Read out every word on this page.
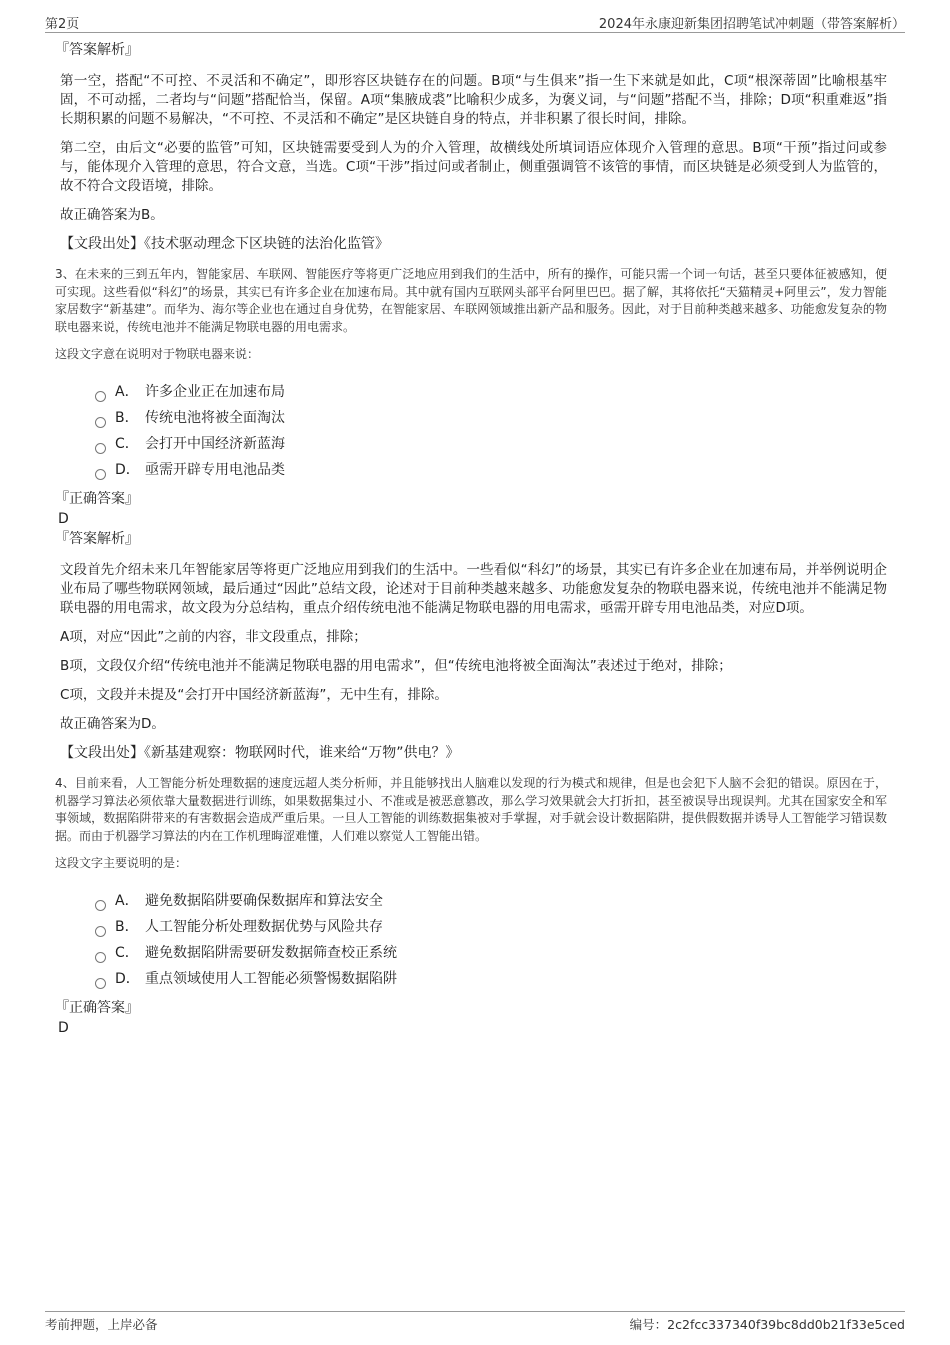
第2页	2024年永康迎新集团招聘笔试冲刺题（带答案解析）

『答案解析』

第一空，搭配“不可控、不灵活和不确定”，即形容区块链存在的问题。B项“与生俱来”指一生下来就是如此，C项“根深蒂固”比喻根基牢固，不可动摇，二者均与“问题”搭配恰当，保留。A项“集腋成裘”比喻积少成多，为褒义词，与“问题”搭配不当，排除；D项“积重难返”指长期积累的问题不易解决，“不可控、不灵活和不确定”是区块链自身的特点，并非积累了很长时间，排除。

第二空，由后文“必要的监管”可知，区块链需要受到人为的介入管理，故横线处所填词语应体现介入管理的意思。B项“干预”指过问或参与，能体现介入管理的意思，符合文意，当选。C项“干涉”指过问或者制止，侧重强调管不该管的事情，而区块链是必须受到人为监管的，故不符合文段语境，排除。

故正确答案为B。

【文段出处】《技术驱动理念下区块链的法治化监管》

3、在未来的三到五年内，智能家居、车联网、智能医疗等将更广泛地应用到我们的生活中，所有的操作，可能只需一个词一句话，甚至只要体征被感知，便可实现。这些看似“科幻”的场景，其实已有许多企业在加速布局。其中就有国内互联网头部平台阿里巴巴。据了解，其将依托“天猫精灵+阿里云”，发力智能家居数字“新基建”。而华为、海尔等企业也在通过自身优势，在智能家居、车联网领域推出新产品和服务。因此，对于目前种类越来越多、功能愈发复杂的物联电器来说，传统电池并不能满足物联电器的用电需求。

这段文字意在说明对于物联电器来说：

A． 许多企业正在加速布局
B． 传统电池将被全面淘汰
C． 会打开中国经济新蓝海
D． 亟需开辟专用电池品类

『正确答案』

D

『答案解析』

文段首先介绍未来几年智能家居等将更广泛地应用到我们的生活中。一些看似“科幻”的场景，其实已有许多企业在加速布局，并举例说明企业布局了哪些物联网领域，最后通过“因此”总结文段，论述对于目前种类越来越多、功能愈发复杂的物联电器来说，传统电池并不能满足物联电器的用电需求，故文段为分总结构，重点介绍传统电池不能满足物联电器的用电需求，亟需开辟专用电池品类，对应D项。

A项，对应“因此”之前的内容，非文段重点，排除；

B项，文段仅介绍“传统电池并不能满足物联电器的用电需求”，但“传统电池将被全面淘汰”表述过于绝对，排除；

C项，文段并未提及“会打开中国经济新蓝海”，无中生有，排除。

故正确答案为D。

【文段出处】《新基建观察：物联网时代，谁来给“万物”供电？》

4、目前来看，人工智能分析处理数据的速度远超人类分析师，并且能够找出人脑难以发现的行为模式和规律，但是也会犯下人脑不会犯的错误。原因在于，机器学习算法必须依靠大量数据进行训练，如果数据集过小、不准或是被恶意篡改，那么学习效果就会大打折扣，甚至被误导出现误判。尤其在国家安全和军事领域，数据陷阱带来的有害数据会造成严重后果。一旦人工智能的训练数据集被对手掌握，对手就会设计数据陷阱，提供假数据并诱导人工智能学习错误数据。而由于机器学习算法的内在工作机理晦涩难懂，人们难以察觉人工智能出错。

这段文字主要说明的是：

A． 避免数据陷阱要确保数据库和算法安全
B． 人工智能分析处理数据优势与风险共存
C． 避免数据陷阱需要研发数据筛查校正系统
D． 重点领域使用人工智能必须警惕数据陷阱

『正确答案』

D

考前押题，上岸必备	编号：2c2fcc337340f39bc8dd0b21f33e5ced
